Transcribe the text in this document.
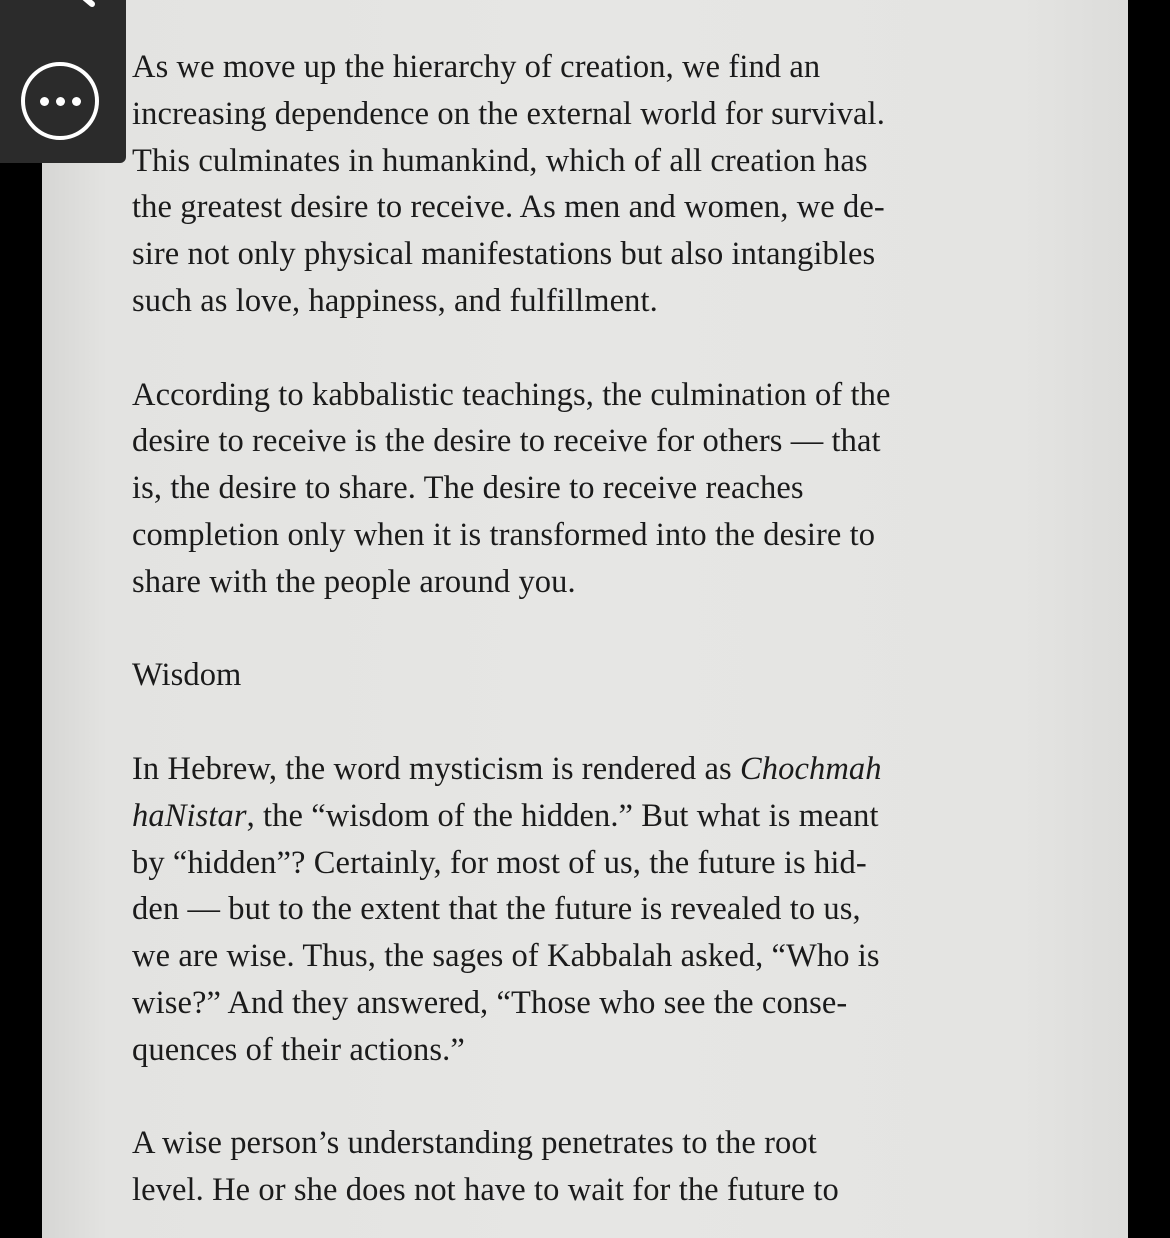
As we move up the hierarchy of creation, we find an
increasing dependence on the external world for survival.
This culminates in humankind, which of all creation has
the greatest desire to receive. As men and women, we de-
sire not only physical manifestations but also intangibles
such as love, happiness, and fulfillment.

According to kabbalistic teachings, the culmination of the
desire to receive is the desire to receive for others — that
is, the desire to share. The desire to receive reaches
completion only when it is transformed into the desire to
share with the people around you.

Wisdom

In Hebrew, the word mysticism is rendered as Chochmah
haNistar, the “wisdom of the hidden.” But what is meant
by “hidden”? Certainly, for most of us, the future is hid-
den — but to the extent that the future is revealed to us,
we are wise. Thus, the sages of Kabbalah asked, “Who is
wise?” And they answered, “Those who see the conse-
quences of their actions.”

A wise person’s understanding penetrates to the root
level. He or she does not have to wait for the future to
